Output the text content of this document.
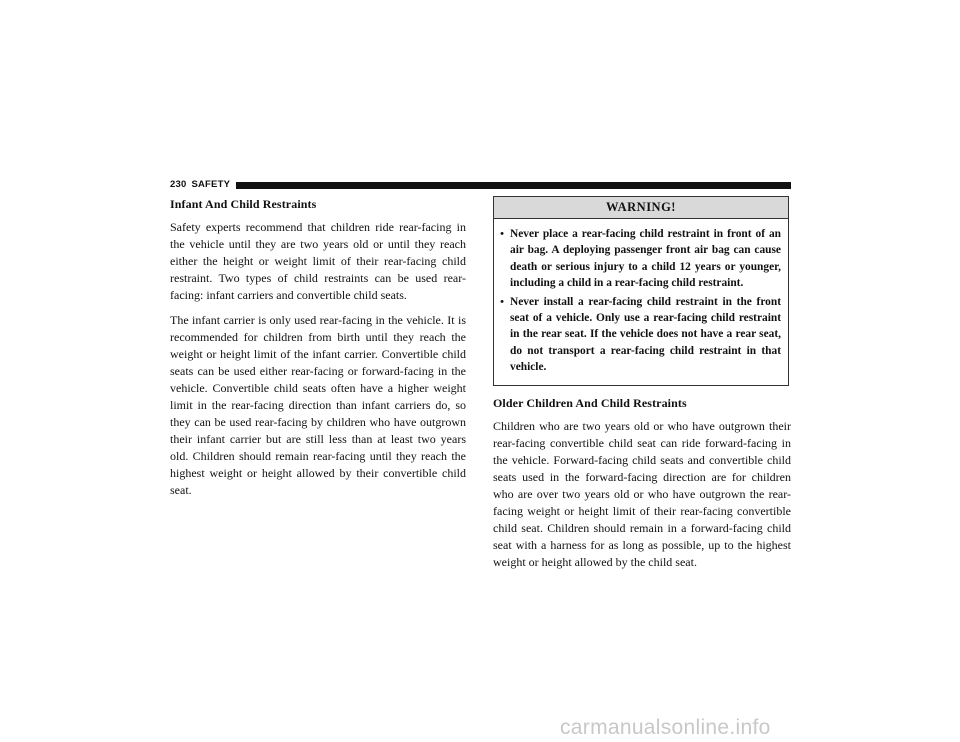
230 SAFETY
Infant And Child Restraints

Safety experts recommend that children ride rear-facing in the vehicle until they are two years old or until they reach either the height or weight limit of their rear-facing child restraint. Two types of child restraints can be used rear-facing: infant carriers and convertible child seats.

The infant carrier is only used rear-facing in the vehicle. It is recommended for children from birth until they reach the weight or height limit of the infant carrier. Convertible child seats can be used either rear-facing or forward-facing in the vehicle. Convertible child seats often have a higher weight limit in the rear-facing direction than infant carriers do, so they can be used rear-facing by children who have outgrown their infant carrier but are still less than at least two years old. Children should remain rear-facing until they reach the highest weight or height allowed by their convertible child seat.

WARNING!
• Never place a rear-facing child restraint in front of an air bag. A deploying passenger front air bag can cause death or serious injury to a child 12 years or younger, including a child in a rear-facing child restraint.
• Never install a rear-facing child restraint in the front seat of a vehicle. Only use a rear-facing child restraint in the rear seat. If the vehicle does not have a rear seat, do not transport a rear-facing child restraint in that vehicle.
Older Children And Child Restraints

Children who are two years old or who have outgrown their rear-facing convertible child seat can ride forward-facing in the vehicle. Forward-facing child seats and convertible child seats used in the forward-facing direction are for children who are over two years old or who have outgrown the rear-facing weight or height limit of their rear-facing convertible child seat. Children should remain in a forward-facing child seat with a harness for as long as possible, up to the highest weight or height allowed by the child seat.

carmanualsonline.info
